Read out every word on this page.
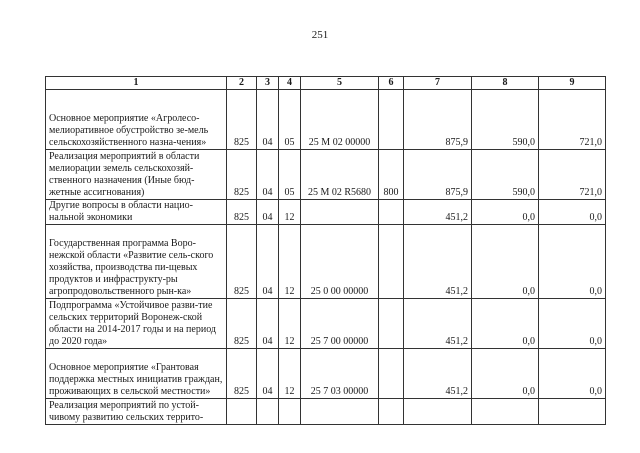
251
1	2	3	4	5	6	7	8	9
Основное мероприятие «Агролесо-мелиоративное обустройство зе-мель сельскохозяйственного назна-чения»	825	04	05	25 М 02 00000		875,9	590,0	721,0
Реализация мероприятий в области мелиорации земель сельскохозяй-ственного назначения (Иные бюд-жетные ассигнования)	825	04	05	25 М 02 R5680	800	875,9	590,0	721,0
Другие вопросы в области нацио-нальной экономики	825	04	12			451,2	0,0	0,0
Государственная программа Воро-нежской области «Развитие сель-ского хозяйства, производства пи-щевых продуктов и инфраструкту-ры агропродовольственного рын-ка»	825	04	12	25 0 00 00000		451,2	0,0	0,0
Подпрограмма «Устойчивое разви-тие сельских территорий Воронеж-ской области на 2014-2017 годы и на период до 2020 года»	825	04	12	25 7 00 00000		451,2	0,0	0,0
Основное мероприятие «Грантовая поддержка местных инициатив граждан, проживающих в сельской местности»	825	04	12	25 7 03 00000		451,2	0,0	0,0
Реализация мероприятий по устой-чивому развитию сельских террито-								
